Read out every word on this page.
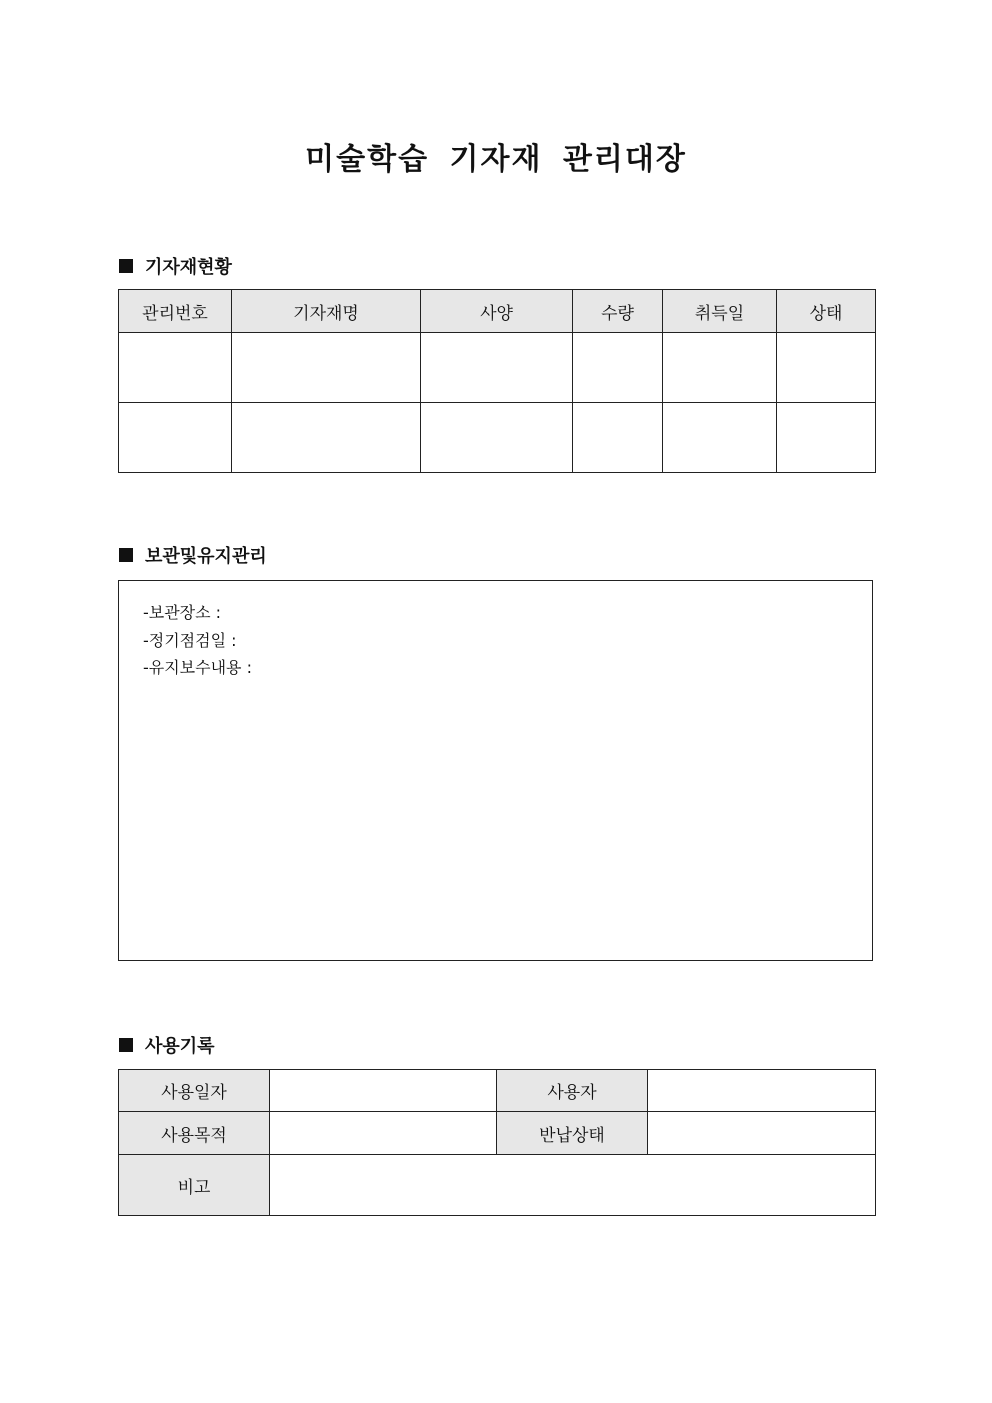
미술학습 기자재 관리대장
기자재현황
관리번호	기자재명	사양	수량	취득일	상태

보관및유지관리
-보관장소 :
-정기점검일 :
-유지보수내용 :
사용기록
사용일자		사용자	
사용목적		반납상태	
비고			
